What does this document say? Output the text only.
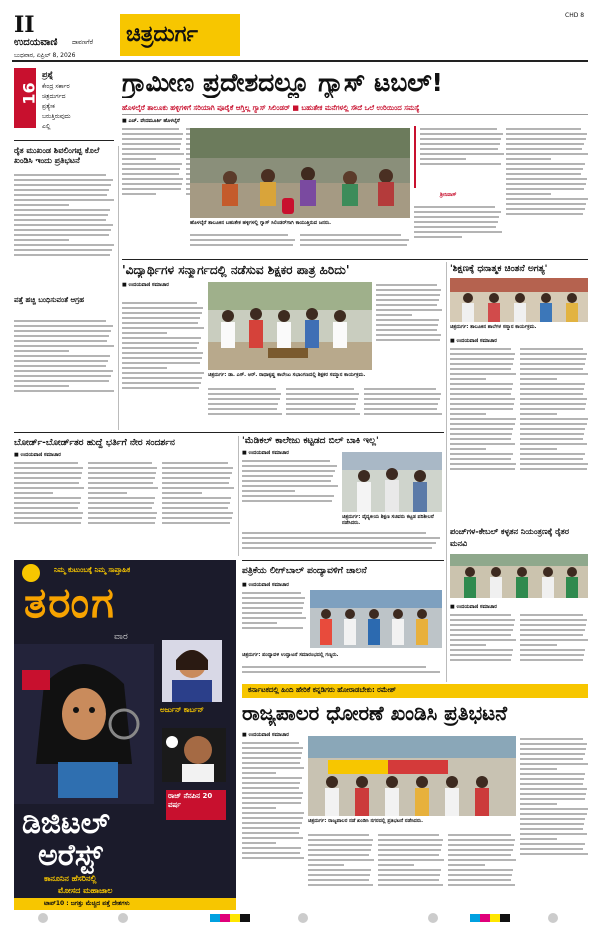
II
ಉದಯವಾಣಿ ದಾವಣಗೆರೆ
ಬುಧವಾರ, ಏಪ್ರಿಲ್ 8, 2026
ಚಿತ್ರದುರ್ಗ
CHD 8
16
ಪ್ರಶ್ನೆ
ಕೇಂದ್ರ ಸರ್ಕಾರ
ಚಿತ್ರದುರ್ಗದ
ಪ್ರತ್ಯೇಕ
ಬರುತ್ತಿರುವುದು
ಎಲ್ಲಿ
ಗ್ರಾಮೀಣ ಪ್ರದೇಶದಲ್ಲೂ ಗ್ಯಾಸ್ ಟಬಲ್!
ಹೊಳಲ್ಕೆರೆ ತಾಲೂಕು ಹಳ್ಳಿಗಳಿಗೆ ಸರಿಯಾಗಿ ಪೂರೈಕೆ ಆಗ್ತಿಲ್ಲ ಗ್ಯಾಸ್ ಸಿಲಿಂಡರ್ ■ ಬಹುತೇಕ ಮನೆಗಳಲ್ಲಿ ಸೌದೆ ಒಲೆ ಉರಿಯಿಂದ ಸಮಸ್ಯೆ
■ ಎಚ್. ವೇದಮೂರ್ತಿ ಹೊಳಲ್ಕೆರೆ
ಹೊಳಲ್ಕೆರೆ ತಾಲೂಕಿನ ಬಹುತೇಕ ಹಳ್ಳಿಗಳಲ್ಲಿ ಗ್ಯಾಸ್ ಸಿಲಿಂಡರ್‌ಗಾಗಿ ಕಾಯುತ್ತಿರುವ ಜನರು.
ಶ್ರೀನಿವಾಸ್
ರೈತ ಮುಖಂಡ ಶಿವಲಿಂಗಪ್ಪ ಕೊಲೆ ಖಂಡಿಸಿ ಇಂದು ಪ್ರತಿಭಟನೆ
ಪತ್ತೆ ಹಚ್ಚಿ ಬಂಧಿಸುವಂತೆ ಆಗ್ರಹ
'ವಿದ್ಯಾರ್ಥಿಗಳ ಸನ್ಮಾರ್ಗದಲ್ಲಿ ನಡೆಸುವ ಶಿಕ್ಷಕರ ಪಾತ್ರ ಹಿರಿದು'
■ ಉದಯವಾಣಿ ಸಮಾಚಾರ
ಚಿತ್ರದುರ್ಗ: ಡಾ. ಎಸ್. ಆರ್. ರಾಧಾಕೃಷ್ಣ ಕಾಲೇಜು ಸಭಾಂಗಣದಲ್ಲಿ ಶಿಕ್ಷಕರ ಸಮ್ಮಾನ ಕಾರ್ಯಕ್ರಮ.
'ಶಿಕ್ಷಣಕ್ಕೆ ಧನಾತ್ಮಕ ಚಿಂತನೆ ಅಗತ್ಯ'
ಚಿತ್ರದುರ್ಗ: ತಾಲೂಕಿನ ಶಾಲೆಗಳ ಸನ್ಮಾನ ಕಾರ್ಯಕ್ರಮ.
■ ಉದಯವಾಣಿ ಸಮಾಚಾರ
ಬೋರ್ಡ್-ಬೋರ್ಡ್‌ತರ ಹುದ್ದೆ ಭರ್ತಿಗೆ ನೇರ ಸಂದರ್ಶನ
■ ಉದಯವಾಣಿ ಸಮಾಚಾರ
'ಮೆಡಿಕಲ್ ಕಾಲೇಜು ಕಟ್ಟಡದ ಬಿಲ್ ಬಾಕಿ ಇಲ್ಲ'
■ ಉದಯವಾಣಿ ಸಮಾಚಾರ
ಚಿತ್ರದುರ್ಗ: ವೈದ್ಯಕೀಯ ಶಿಕ್ಷಣ ಸಚಿವರು ಕಟ್ಟಡ ಪರಿಶೀಲನೆ ನಡೆಸಿದರು.
ಪಂಚ್‌ಗಳ-ಕೇಬಲ್ ಕಳ್ಳತನ ನಿಯಂತ್ರಣಕ್ಕೆ ರೈತರ ಮನವಿ
■ ಉದಯವಾಣಿ ಸಮಾಚಾರ
ಪತ್ರಿಕೆಯ ಲೀಗ್‌ಬಾಲ್ ಪಂದ್ಯಾವಳಿಗೆ ಚಾಲನೆ
■ ಉದಯವಾಣಿ ಸಮಾಚಾರ
ಚಿತ್ರದುರ್ಗ: ಪಂದ್ಯಾವಳಿ ಉದ್ಘಾಟನೆ ಸಮಾರಂಭದಲ್ಲಿ ಗಣ್ಯರು.
ಕರ್ನಾಟಕದಲ್ಲಿ ಹಿಂದಿ ಹೇರಿಕೆ ಕನ್ನಡಿಗರು ಹೋರಾಡಬೇಕು: ರಮೇಶ್
ರಾಜ್ಯಪಾಲರ ಧೋರಣೆ ಖಂಡಿಸಿ ಪ್ರತಿಭಟನೆ
■ ಉದಯವಾಣಿ ಸಮಾಚಾರ
ಚಿತ್ರದುರ್ಗ: ರಾಜ್ಯಪಾಲರ ನಡೆ ಖಂಡಿಸಿ ನಗರದಲ್ಲಿ ಪ್ರತಿಭಟನೆ ನಡೆಸಿದರು.
ನಿಮ್ಮ ಕುಟುಂಬಕ್ಕೆ ನಿಮ್ಮ ಸಾಪ್ತಾಹಿಕ
ತರಂಗ
ವಾರ
ಅರ್ಜುನ್ ಕಾರ್ಬನ್
ರಾಜ್ ನೆನಪಿನ 20 ವರ್ಷ
ಡಿಜಿಟಲ್
ಅರೆಸ್ಟ್
ಕಾನೂನಿನ ಹೆಸರಿನಲ್ಲಿ
ಮೋಸದ ಮಹಾಜಾಲ
ಟಾಪ್10 : ಜಗತ್ತು ಮೆಚ್ಚಿದ ಪತ್ತೆ ದೇಶಗಳು
